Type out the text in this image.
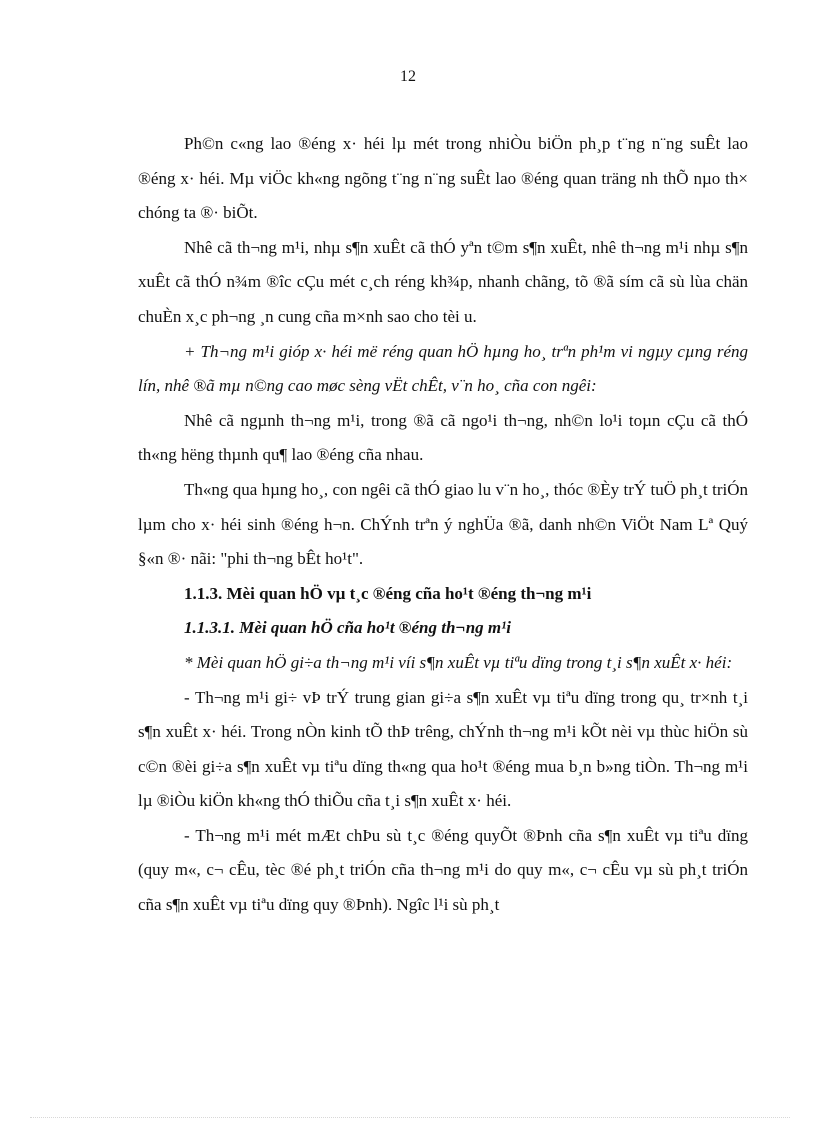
12

Ph©n c«ng lao ®éng x· héi lµ mét trong nhiÒu biÖn ph¸p t¨ng n¨ng suÊt lao ®éng x· héi. Mµ viÖc kh«ng ngõng t¨ng n¨ng suÊt lao ®éng quan träng nh thÕ nµo th× chóng ta ®· biÕt.

Nhê cã th¬ng m¹i, nhµ s¶n xuÊt cã thÓ yªn t©m s¶n xuÊt, nhê th¬ng m¹i nhµ s¶n xuÊt cã thÓ n¾m ®îc cÇu mét c¸ch réng kh¾p, nhanh chãng, tõ ®ã sím cã sù lùa chän chuÈn x¸c ph¬ng ¸n cung cña m×nh sao cho tèi u.

+ Th¬ng m¹i gióp x· héi më réng quan hÖ hµng ho¸ trªn ph¹m vi ngµy cµng réng lín, nhê ®ã mµ n©ng cao møc sèng vËt chÊt, v¨n ho¸ cña con ngêi:

Nhê cã ngµnh th¬ng m¹i, trong ®ã cã ngo¹i th¬ng, nh©n lo¹i toµn cÇu cã thÓ th«ng hëng thµnh qu¶ lao ®éng cña nhau.

Th«ng qua hµng ho¸, con ngêi cã thÓ giao lu v¨n ho¸, thóc ®Èy trÝ tuÖ ph¸t triÓn lµm cho x· héi sinh ®éng h¬n. ChÝnh trªn ý nghÜa ®ã, danh nh©n ViÖt Nam Lª Quý §«n ®· nãi: "phi th¬ng bÊt ho¹t".

1.1.3. Mèi quan hÖ vµ t¸c ®éng cña ho¹t ®éng th¬ng m¹i

1.1.3.1. Mèi quan hÖ cña ho¹t ®éng th¬ng m¹i

* Mèi quan hÖ gi÷a th¬ng m¹i víi s¶n xuÊt vµ tiªu dïng trong t¸i s¶n xuÊt x· héi:

- Th¬ng m¹i gi÷ vÞ trÝ trung gian gi÷a s¶n xuÊt vµ tiªu dïng trong qu¸ tr×nh t¸i s¶n xuÊt x· héi. Trong nÒn kinh tÕ thÞ trêng, chÝnh th¬ng m¹i kÕt nèi vµ thùc hiÖn sù c©n ®èi gi÷a s¶n xuÊt vµ tiªu dïng th«ng qua ho¹t ®éng mua b¸n b»ng tiÒn. Th¬ng m¹i lµ ®iÒu kiÖn kh«ng thÓ thiÕu cña t¸i s¶n xuÊt x· héi.

- Th¬ng m¹i mét mÆt chÞu sù t¸c ®éng quyÕt ®Þnh cña s¶n xuÊt vµ tiªu dïng (quy m«, c¬ cÊu, tèc ®é ph¸t triÓn cña th¬ng m¹i do quy m«, c¬ cÊu vµ sù ph¸t triÓn cña s¶n xuÊt vµ tiªu dïng quy ®Þnh). Ngîc l¹i sù ph¸t
